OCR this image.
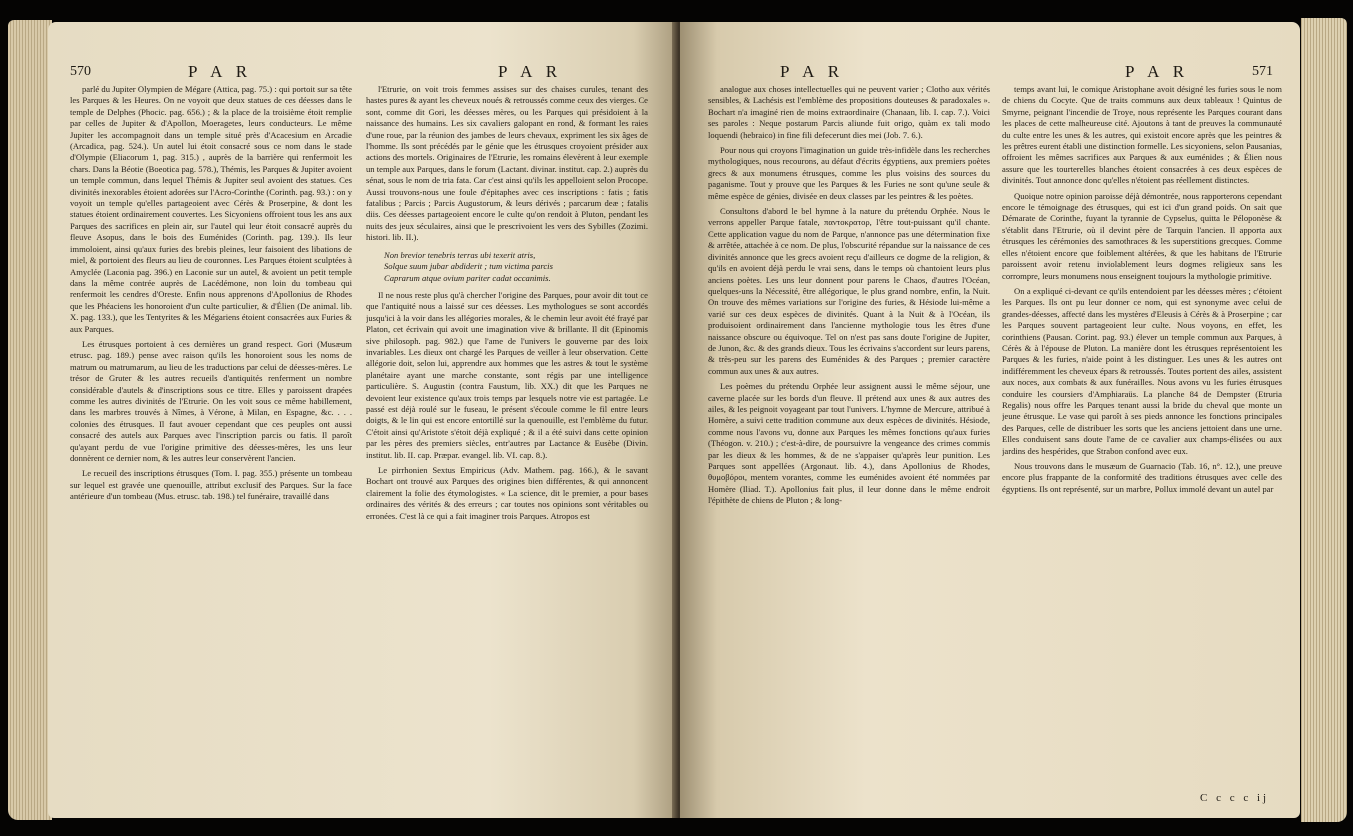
570	P A R	P A R

parlé du Jupiter Olympien de Mégare (Attica, pag. 75.) : qui portoit sur sa tête les Parques & les Heures. On ne voyoit que deux statues de ces déesses dans le temple de Delphes (Phocic. pag. 656.) ; & la place de la troisième étoit remplie par celles de Jupiter & d'Apollon, Moeragetes, leurs conducteurs. Le même Jupiter les accompagnoit dans un temple situé près d'Acacesium en Arcadie (Arcadica, pag. 524.). Un autel lui étoit consacré sous ce nom dans le stade d'Olympie (Eliacorum 1, pag. 315.) , auprès de la barrière qui renfermoit les chars. Dans la Béotie (Boeotica pag. 578.), Thémis, les Parques & Jupiter avoient un temple commun, dans lequel Thémis & Jupiter seul avoient des statues. Ces divinités inexorables étoient adorées sur l'Acro-Corinthe (Corinth. pag. 93.) : on y voyoit un temple qu'elles partageoient avec Cérès & Proserpine, & dont les statues étoient ordinairement couvertes. Les Sicyoniens offroient tous les ans aux Parques des sacrifices en plein air, sur l'autel qui leur étoit consacré auprès du fleuve Asopus, dans le bois des Euménides (Corinth. pag. 139.). Ils leur immoloient, ainsi qu'aux furies des brebis pleines, leur faisoient des libations de miel, & portoient des fleurs au lieu de couronnes. Les Parques étoient sculptées à Amyclée (Laconia pag. 396.) en Laconie sur un autel, & avoient un petit temple dans la même contrée auprès de Lacédémone, non loin du tombeau qui renfermoit les cendres d'Oreste. Enfin nous apprenons d'Apollonius de Rhodes que les Phéaciens les honoroient d'un culte particulier, & d'Élien (De animal. lib. X. pag. 133.), que les Tentyrites & les Mégariens étoient consacrées aux Furies & aux Parques.

Les étrusques portoient à ces dernières un grand respect. Gori (Musæum etrusc. pag. 189.) pense avec raison qu'ils les honoroient sous les noms de matrum ou matrumarum, au lieu de les traductions par celui de déesses-mères. Le trésor de Gruter & les autres recueils d'antiquités renferment un nombre considérable d'autels & d'inscriptions sous ce titre. Elles y paroissent drapées comme les autres divinités de l'Etrurie. On les voit sous ce même habillement, dans les marbres trouvés à Nîmes, à Vérone, à Milan, en Espagne, &c. . . . colonies des étrusques. Il faut avouer cependant que ces peuples ont aussi consacré des autels aux Parques avec l'inscription parcis ou fatis. Il paroît qu'ayant perdu de vue l'origine primitive des déesses-mères, les uns leur donnèrent ce dernier nom, & les autres leur conservèrent l'ancien.

Le recueil des inscriptions étrusques (Tom. I. pag. 355.) présente un tombeau sur lequel est gravée une quenouille, attribut exclusif des Parques. Sur la face antérieure d'un tombeau (Mus. etrusc. tab. 198.) tel funéraire, travaillé dans

l'Etrurie, on voit trois femmes assises sur des chaises curules, tenant des hastes pures & ayant les cheveux noués & retroussés comme ceux des vierges. Ce sont, comme dit Gori, les déesses mères, ou les Parques qui présidoient à la naissance des humains. Les six cavaliers galopant en rond, & formant les raies d'une roue, par la réunion des jambes de leurs chevaux, expriment les six âges de l'homme. Ils sont précédés par le génie que les étrusques croyoient présider aux actions des mortels. Originaires de l'Etrurie, les romains élevèrent à leur exemple un temple aux Parques, dans le forum (Lactant. divinar. institut. cap. 2.) auprès du sénat, sous le nom de tria fata. Car c'est ainsi qu'ils les appelloient selon Procope. Aussi trouvons-nous une foule d'épitaphes avec ces inscriptions : fatis ; fatis fatalibus ; Parcis ; Parcis Augustorum, & leurs dérivés ; parcarum deæ ; fatalis diis. Ces déesses partageoient encore le culte qu'on rendoit à Pluton, pendant les nuits des jeux séculaires, ainsi que le prescrivoient les vers des Sybilles (Zozimi. histori. lib. II.).

Non brevior tenebris terras ubi texerit atris,
Solque suum jubar abdiderit ; tum victima parcis
Caprarum atque ovium pariter cadat occanimis.

Il ne nous reste plus qu'à chercher l'origine des Parques, pour avoir dit tout ce que l'antiquité nous a laissé sur ces déesses. Les mythologues se sont accordés jusqu'ici à la voir dans les allégories morales, & le chemin leur avoit été frayé par Platon, cet écrivain qui avoit une imagination vive & brillante. Il dit (Epinomis sive philosoph. pag. 982.) que l'ame de l'univers le gouverne par des loix invariables. Les dieux ont chargé les Parques de veiller à leur observation. Cette allégorie doit, selon lui, apprendre aux hommes que les astres & tout le système planétaire ayant une marche constante, sont régis par une intelligence particulière. S. Augustin (contra Faustum, lib. XX.) dit que les Parques ne devoient leur existence qu'aux trois temps par lesquels notre vie est partagée. Le passé est déjà roulé sur le fuseau, le présent s'écoule comme le fil entre leurs doigts, & le lin qui est encore entortillé sur la quenouille, est l'emblème du futur. C'étoit ainsi qu'Aristote s'étoit déjà expliqué ; & il a été suivi dans cette opinion par les pères des premiers siècles, entr'autres par Lactance & Eusèbe (Divin. institut. lib. II. cap. Præpar. evangel. lib. VI. cap. 8.).

Le pirrhonien Sextus Empiricus (Adv. Mathem. pag. 166.), & le savant Bochart ont trouvé aux Parques des origines bien différentes, & qui annoncent clairement la folie des étymologistes. « La science, dit le premier, a pour bases ordinaires des vérités & des erreurs ; car toutes nos opinions sont véritables ou erronées. C'est là ce qui a fait imaginer trois Parques. Atropos est

P A R	P A R	571

analogue aux choses intellectuelles qui ne peuvent varier ; Clotho aux vérités sensibles, & Lachésis est l'emblème des propositions douteuses & paradoxales ». Bochart n'a imaginé rien de moins extraordinaire (Chanaan, lib. I. cap. 7.). Voici ses paroles : Neque postarum Parcis aliunde fuit origo, quàm ex tali modo loquendi (hebraico) in fine fili defecerunt dies mei (Job. 7. 6.).

Pour nous qui croyons l'imagination un guide très-infidèle dans les recherches mythologiques, nous recourons, au défaut d'écrits égyptiens, aux premiers poètes grecs & aux monumens étrusques, comme les plus voisins des sources du paganisme. Tout y prouve que les Parques & les Furies ne sont qu'une seule & même espèce de génies, divisée en deux classes par les peintres & les poètes.

Consultons d'abord le bel hymne à la nature du prétendu Orphée. Nous le verrons appeller Parque fatale, παντοκρατορ, l'être tout-puissant qu'il chante. Cette application vague du nom de Parque, n'annonce pas une détermination fixe & arrêtée, attachée à ce nom. De plus, l'obscurité répandue sur la naissance de ces divinités annonce que les grecs avoient reçu d'ailleurs ce dogme de la religion, & qu'ils en avoient déjà perdu le vrai sens, dans le temps où chantoient leurs plus anciens poètes. Les uns leur donnent pour parens le Chaos, d'autres l'Océan, quelques-uns la Nécessité, être allégorique, le plus grand nombre, enfin, la Nuit. On trouve des mêmes variations sur l'origine des furies, & Hésiode lui-même a varié sur ces deux espèces de divinités. Quant à la Nuit & à l'Océan, ils produisoient ordinairement dans l'ancienne mythologie tous les êtres d'une naissance obscure ou équivoque. Tel on n'est pas sans doute l'origine de Jupiter, de Junon, &c. & des grands dieux. Tous les écrivains s'accordent sur leurs parens, & très-peu sur les parens des Euménides & des Parques ; premier caractère commun aux unes & aux autres.

Les poèmes du prétendu Orphée leur assignent aussi le même séjour, une caverne placée sur les bords d'un fleuve. Il prétend aux unes & aux autres des ailes, & les peignoit voyageant par tout l'univers. L'hymne de Mercure, attribué à Homère, a suivi cette tradition commune aux deux espèces de divinités. Hésiode, comme nous l'avons vu, donne aux Parques les mêmes fonctions qu'aux furies (Théogon. v. 210.) ; c'est-à-dire, de poursuivre la vengeance des crimes commis par les dieux & les hommes, & de ne s'appaiser qu'après leur punition. Les Parques sont appellées (Argonaut. lib. 4.), dans Apollonius de Rhodes, θυμοβόροι, mentem vorantes, comme les euménides avoient été nommées par Homère (Iliad. T.). Apollonius fait plus, il leur donne dans le même endroit l'épithète de chiens de Pluton ; & long-

temps avant lui, le comique Aristophane avoit désigné les furies sous le nom de chiens du Cocyte. Que de traits communs aux deux tableaux ! Quintus de Smyrne, peignant l'incendie de Troye, nous représente les Parques courant dans les places de cette malheureuse cité. Ajoutons à tant de preuves la communauté du culte entre les unes & les autres, qui existoit encore après que les peintres & les prêtres eurent établi une distinction formelle. Les sicyoniens, selon Pausanias, offroient les mêmes sacrifices aux Parques & aux euménides ; & Élien nous assure que les tourterelles blanches étoient consacrées à ces deux espèces de divinités. Tout annonce donc qu'elles n'étoient pas réellement distinctes.

Quoique notre opinion paroisse déjà démontrée, nous rapporterons cependant encore le témoignage des étrusques, qui est ici d'un grand poids. On sait que Démarate de Corinthe, fuyant la tyrannie de Cypselus, quitta le Péloponèse & s'établit dans l'Etrurie, où il devint père de Tarquin l'ancien. Il apporta aux étrusques les cérémonies des samothraces & les superstitions grecques. Comme elles n'étoient encore que foiblement altérées, & que les habitans de l'Etrurie paroissent avoir retenu inviolablement leurs dogmes religieux sans les corrompre, leurs monumens nous enseignent toujours la mythologie primitive.

On a expliqué ci-devant ce qu'ils entendoient par les déesses mères ; c'étoient les Parques. Ils ont pu leur donner ce nom, qui est synonyme avec celui de grandes-déesses, affecté dans les mystères d'Eleusis à Cérès & à Proserpine ; car les Parques souvent partageoient leur culte. Nous voyons, en effet, les corinthiens (Pausan. Corint. pag. 93.) élever un temple commun aux Parques, à Cérès & à l'épouse de Pluton. La manière dont les étrusques représentoient les Parques & les furies, n'aide point à les distinguer. Les unes & les autres ont indifféremment les cheveux épars & retroussés. Toutes portent des ailes, assistent aux noces, aux combats & aux funérailles. Nous avons vu les furies étrusques conduire les coursiers d'Amphiaraüs. La planche 84 de Dempster (Etruria Regalis) nous offre les Parques tenant aussi la bride du cheval que monte un jeune étrusque. Le vase qui paroît à ses pieds annonce les fonctions principales des Parques, celle de distribuer les sorts que les anciens jettoient dans une urne. Elles conduisent sans doute l'ame de ce cavalier aux champs-élisées ou aux jardins des hespérides, que Strabon confond avec eux.

Nous trouvons dans le musæum de Guarnacio (Tab. 16, n°. 12.), une preuve encore plus frappante de la conformité des traditions étrusques avec celle des égyptiens. Ils ont représenté, sur un marbre, Pollux immolé devant un autel par

C c c c ij
